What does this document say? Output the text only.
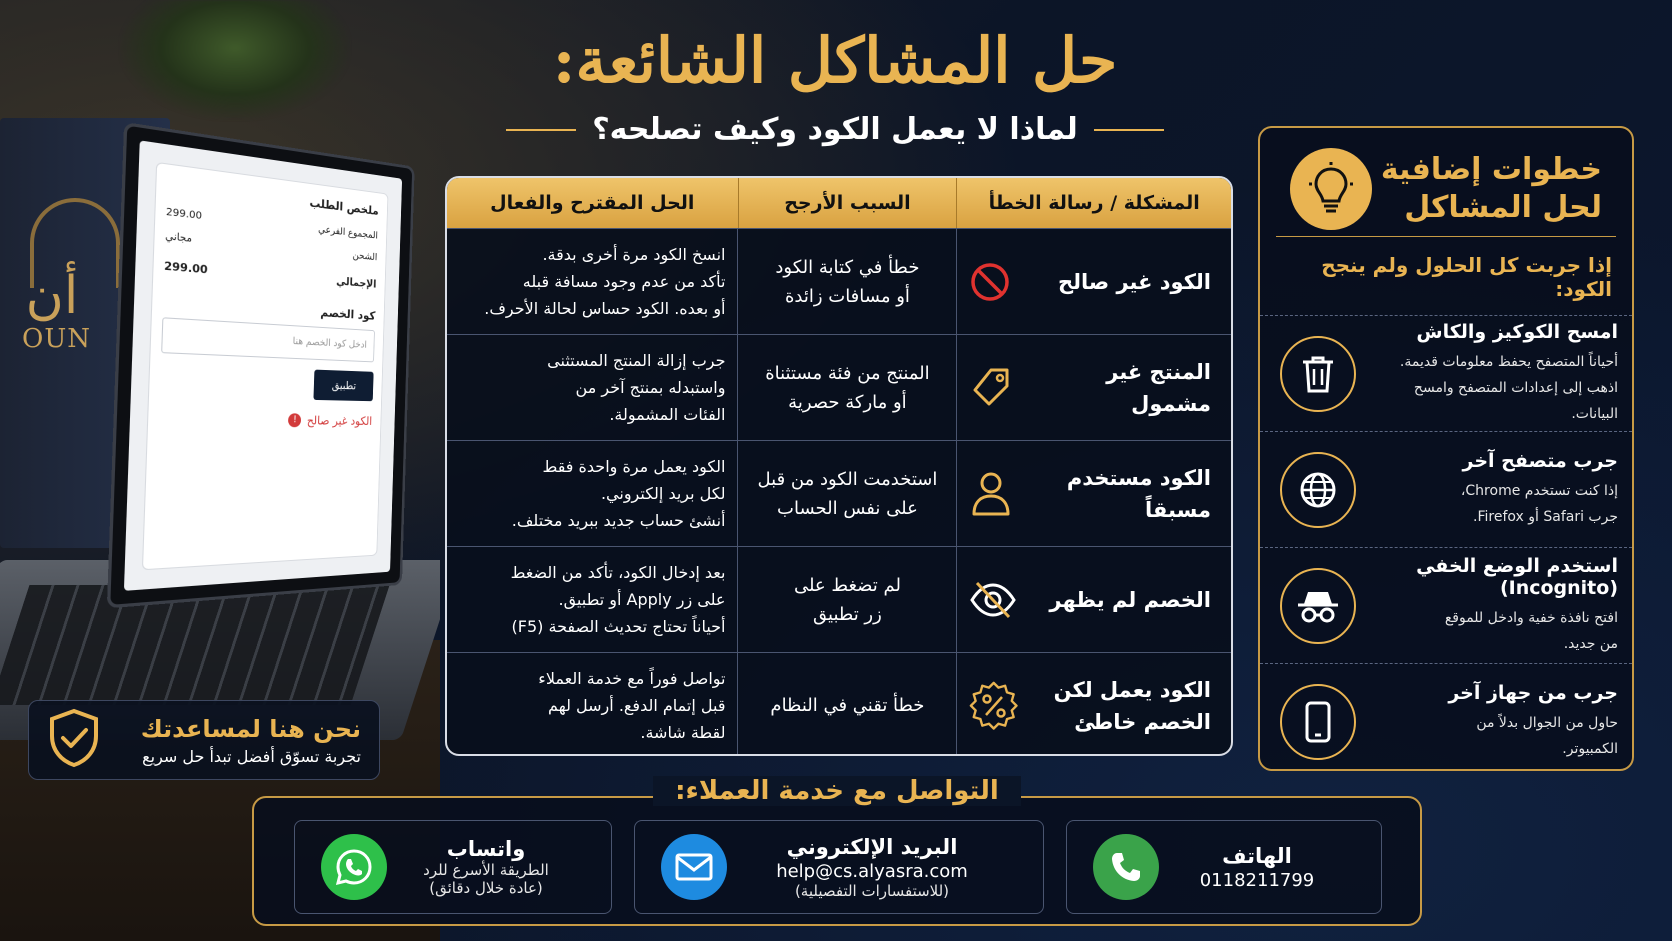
أن
OUN
ملخص الطلب
المجموع الفرعي
299.00
الشحن
مجاني
الإجمالي
299.00
كود الخصم
ادخل كود الخصم هنا
تطبيق
الكود غير صالح
!
نحن هنا لمساعدتك
تجربة تسوّق أفضل تبدأ حل سريع
حل المشاكل الشائعة:
لماذا لا يعمل الكود وكيف تصلحه؟
المشكلة / رسالة الخطأ
السبب الأرجح
الحل المقترح والفعال
الكود غير صالح
خطأ في كتابة الكود
أو مسافات زائدة
انسخ الكود مرة أخرى بدقة.
تأكد من عدم وجود مسافة قبله
أو بعده. الكود حساس لحالة الأحرف.
المنتج غير مشمول
المنتج من فئة مستثناة
أو ماركة حصرية
جرب إزالة المنتج المستثنى
واستبدله بمنتج آخر من
الفئات المشمولة.
الكود مستخدم مسبقاً
استخدمت الكود من قبل
على نفس الحساب
الكود يعمل مرة واحدة فقط
لكل بريد إلكتروني.
أنشئ حساب جديد ببريد مختلف.
الخصم لم يظهر
لم تضغط على
زر تطبيق
بعد إدخال الكود، تأكد من الضغط
على زر Apply أو تطبيق.
أحياناً تحتاج تحديث الصفحة (F5)
الكود يعمل لكن
الخصم خاطئ
خطأ تقني في النظام
تواصل فوراً مع خدمة العملاء
قبل إتمام الدفع. أرسل لهم
لقطة شاشة.
خطوات إضافية
لحل المشاكل
إذا جربت كل الحلول ولم ينجح الكود:
امسح الكوكيز والكاش
أحياناً المتصفح يحفظ معلومات قديمة.
اذهب إلى إعدادات المتصفح وامسح البيانات.
جرب متصفح آخر
إذا كنت تستخدم Chrome،
جرب Safari أو Firefox.
استخدم الوضع الخفي (Incognito)
افتح نافذة خفية وادخل للموقع
من جديد.
جرب من جهاز آخر
حاول من الجوال بدلاً من
الكمبيوتر.
التواصل مع خدمة العملاء:
الهاتف
0118211799
البريد الإلكتروني
help@cs.alyasra.com
(للاستفسارات التفصيلية)
واتساب
الطريقة الأسرع للرد
(عادة خلال دقائق)
